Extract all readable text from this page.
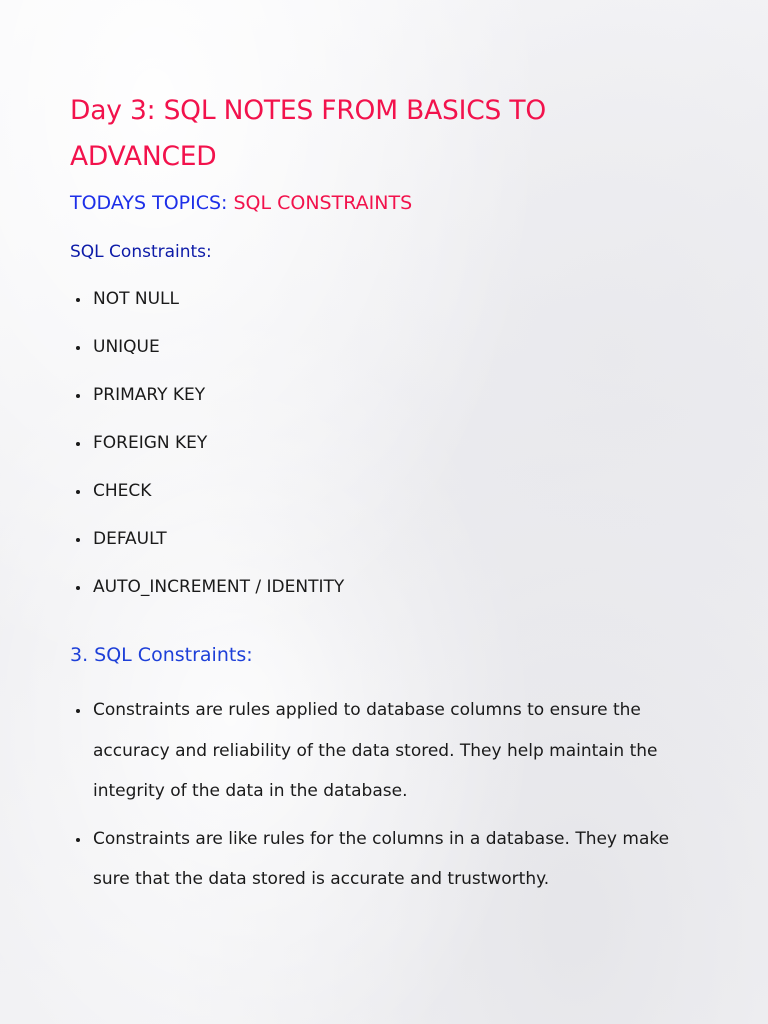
Day 3: SQL NOTES FROM BASICS TO ADVANCED
TODAYS TOPICS: SQL CONSTRAINTS
SQL Constraints:
NOT NULL
UNIQUE
PRIMARY KEY
FOREIGN KEY
CHECK
DEFAULT
AUTO_INCREMENT / IDENTITY
3. SQL Constraints:
Constraints are rules applied to database columns to ensure the accuracy and reliability of the data stored. They help maintain the integrity of the data in the database.
Constraints are like rules for the columns in a database. They make sure that the data stored is accurate and trustworthy.
